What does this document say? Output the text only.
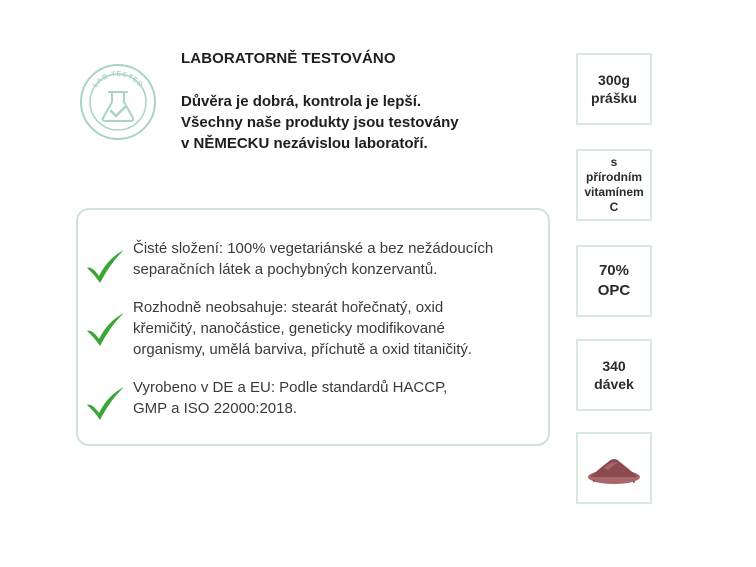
LAB TESTED
LABORATORNĚ TESTOVÁNO
Důvěra je dobrá, kontrola je lepší.
Všechny naše produkty jsou testovány
v NĚMECKU nezávislou laboratoří.

Čisté složení: 100% vegetariánské a bez nežádoucích
separačních látek a pochybných konzervantů.

Rozhodně neobsahuje: stearát hořečnatý, oxid
křemičitý, nanočástice, geneticky modifikované
organismy, umělá barviva, příchutě a oxid titaničitý.

Vyrobeno v DE a EU: Podle standardů HACCP,
GMP a ISO 22000:2018.

300g
prášku
s
přírodním
vitamínem
C
70%
OPC
340
dávek
